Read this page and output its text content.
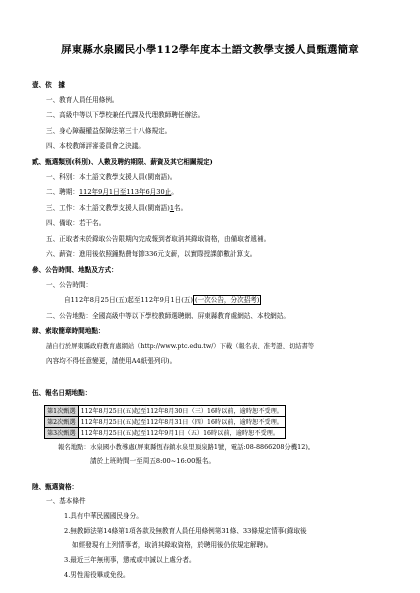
屏東縣水泉國民小學112學年度本土語文教學支援人員甄選簡章
壹、依　據
一、教育人員任用條例。
二、高級中等以下學校兼任代課及代理教師聘任辦法。
三、身心障礙權益保障法第三十八條規定。
四、本校教師評審委員會之決議。
貳、甄選類別(科別)、人數及聘約期限、薪資及其它相關規定)
一、科別：本土語文教學支援人員(閩南語)。
二、聘期：112年9月1日至113年6月30止。
三、工作：本土語文教學支援人員(閩南語)1名。
四、備取：若干名。
五、正取者未於錄取公告限期內完成報到者取消其錄取資格，由備取者遞補。
六、薪資：進用後依照鐘點費每節336元支薪，以實際授課節數計算支。
參、公告時間、地點及方式：
一、公告時間：
自112年8月25日(五)起至112年9月1日(五) (一次公告，分次招考)
二、公告地點：全國高級中等以下學校教師選聘網、屏東縣教育處網站、本校網站。
肆、索取簡章時間地點：
請自行於屏東縣政府教育處網站（http://www.ptc.edu.tw/）下載（報名表、准考證、切結書等
內容均不得任意變更，請使用A4紙張列印)。
伍、報名日期地點：
第1次甄選	112年8月25日(五)起至112年8月30日（三）16時以前，逾時恕不受理。
第2次甄選	112年8月25日(五)起至112年8月31日（四）16時以前，逾時恕不受理。
第3次甄選	112年8月25日(五)起至112年9月1日（五）16時以前，逾時恕不受理。
報名地點：水泉國小教導處(屏東縣恆春鎮水泉里頂泉路1號，電話:08-8866208分機12)。
請於上班時間一至周五8:00~16:00報名。
陸、甄選資格：
一、基本條件
1.具有中華民國國民身分。
2.無教師法第14條第1項各款及無教育人員任用條例第31條、33條規定情事(錄取後
如經發現有上列情事者，取消其錄取資格，於聘用後仍依規定解聘)。
3.最近三年無刑事，懲戒或申誡以上處分者。
4.男性需役畢或免役。
